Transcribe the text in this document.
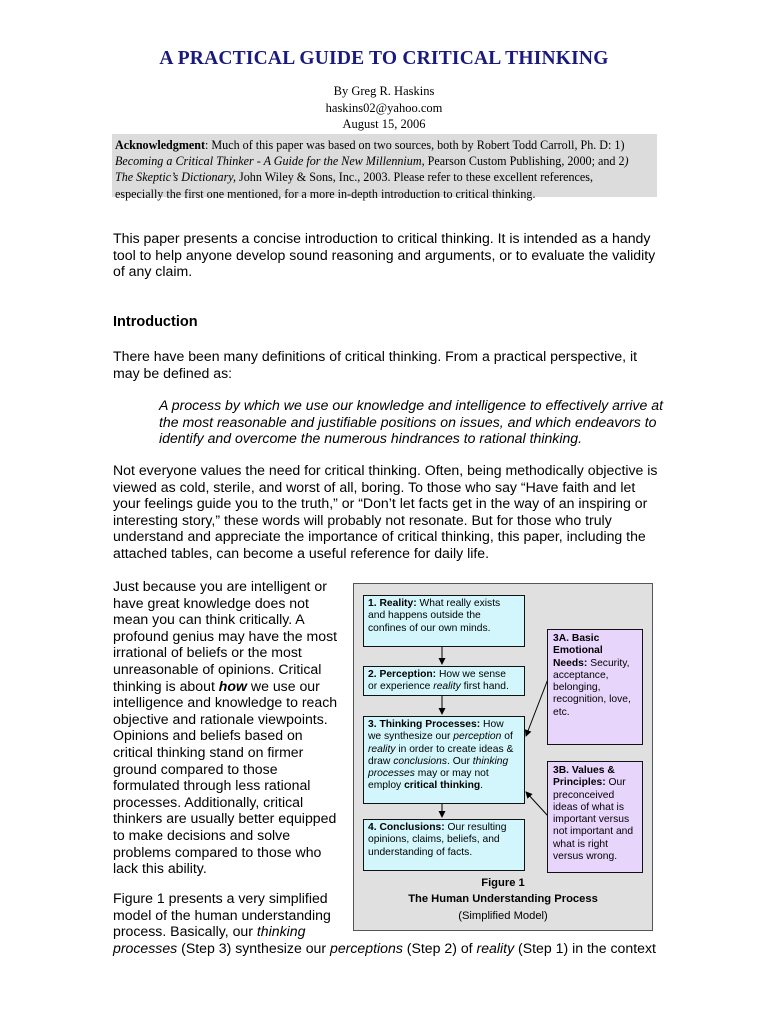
A PRACTICAL GUIDE TO CRITICAL THINKING
By Greg R. Haskins
haskins02@yahoo.com
August 15, 2006
Acknowledgment: Much of this paper was based on two sources, both by Robert Todd Carroll, Ph. D: 1)
Becoming a Critical Thinker - A Guide for the New Millennium, Pearson Custom Publishing, 2000; and 2)
The Skeptic’s Dictionary, John Wiley & Sons, Inc., 2003. Please refer to these excellent references,
especially the first one mentioned, for a more in-depth introduction to critical thinking.
This paper presents a concise introduction to critical thinking. It is intended as a handy
tool to help anyone develop sound reasoning and arguments, or to evaluate the validity
of any claim.
Introduction
There have been many definitions of critical thinking. From a practical perspective, it
may be defined as:
A process by which we use our knowledge and intelligence to effectively arrive at
the most reasonable and justifiable positions on issues, and which endeavors to
identify and overcome the numerous hindrances to rational thinking.
Not everyone values the need for critical thinking. Often, being methodically objective is
viewed as cold, sterile, and worst of all, boring. To those who say “Have faith and let
your feelings guide you to the truth,” or “Don’t let facts get in the way of an inspiring or
interesting story,” these words will probably not resonate. But for those who truly
understand and appreciate the importance of critical thinking, this paper, including the
attached tables, can become a useful reference for daily life.
Just because you are intelligent or
have great knowledge does not
mean you can think critically. A
profound genius may have the most
irrational of beliefs or the most
unreasonable of opinions. Critical
thinking is about how we use our
intelligence and knowledge to reach
objective and rationale viewpoints.
Opinions and beliefs based on
critical thinking stand on firmer
ground compared to those
formulated through less rational
processes. Additionally, critical
thinkers are usually better equipped
to make decisions and solve
problems compared to those who
lack this ability.
Figure 1 presents a very simplified
model of the human understanding
process. Basically, our thinking
processes (Step 3) synthesize our perceptions (Step 2) of reality (Step 1) in the context
1. Reality: What really exists
and happens outside the
confines of our own minds.
2. Perception: How we sense
or experience reality first hand.
3. Thinking Processes: How
we synthesize our perception of
reality in order to create ideas &
draw conclusions. Our thinking
processes may or may not
employ critical thinking.
4. Conclusions: Our resulting
opinions, claims, beliefs, and
understanding of facts.
3A. Basic
Emotional
Needs: Security,
acceptance,
belonging,
recognition, love,
etc.
3B. Values &
Principles: Our
preconceived
ideas of what is
important versus
not important and
what is right
versus wrong.
Figure 1
The Human Understanding Process
(Simplified Model)
